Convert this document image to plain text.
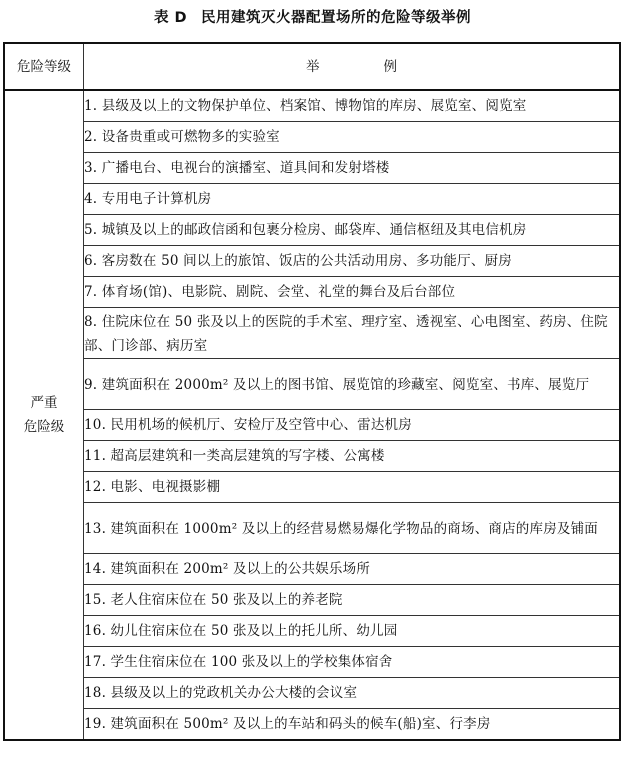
表 D 民用建筑灭火器配置场所的危险等级举例
危险等级	举例

严重
危险级	1. 县级及以上的文物保护单位、档案馆、博物馆的库房、展览室、阅览室
	2. 设备贵重或可燃物多的实验室
	3. 广播电台、电视台的演播室、道具间和发射塔楼
	4. 专用电子计算机房
	5. 城镇及以上的邮政信函和包裹分检房、邮袋库、通信枢纽及其电信机房
	6. 客房数在 50 间以上的旅馆、饭店的公共活动用房、多功能厅、厨房
	7. 体育场(馆)、电影院、剧院、会堂、礼堂的舞台及后台部位
	8. 住院床位在 50 张及以上的医院的手术室、理疗室、透视室、心电图室、药房、住院部、门诊部、病历室
	9. 建筑面积在 2000m² 及以上的图书馆、展览馆的珍藏室、阅览室、书库、展览厅
	10. 民用机场的候机厅、安检厅及空管中心、雷达机房
	11. 超高层建筑和一类高层建筑的写字楼、公寓楼
	12. 电影、电视摄影棚
	13. 建筑面积在 1000m² 及以上的经营易燃易爆化学物品的商场、商店的库房及铺面
	14. 建筑面积在 200m² 及以上的公共娱乐场所
	15. 老人住宿床位在 50 张及以上的养老院
	16. 幼儿住宿床位在 50 张及以上的托儿所、幼儿园
	17. 学生住宿床位在 100 张及以上的学校集体宿舍
	18. 县级及以上的党政机关办公大楼的会议室
	19. 建筑面积在 500m² 及以上的车站和码头的候车(船)室、行李房
